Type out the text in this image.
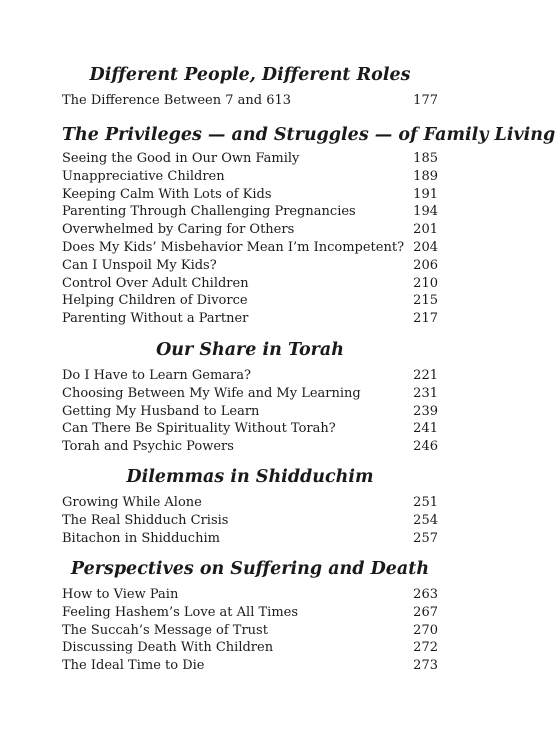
Different People, Different Roles
The Difference Between 7 and 613	177
The Privileges — and Struggles — of Family Living
Seeing the Good in Our Own Family	185
Unappreciative Children	189
Keeping Calm With Lots of Kids	191
Parenting Through Challenging Pregnancies	194
Overwhelmed by Caring for Others	201
Does My Kids’ Misbehavior Mean I’m Incompetent? 204
Can I Unspoil My Kids?	206
Control Over Adult Children	210
Helping Children of Divorce	215
Parenting Without a Partner	217
Our Share in Torah
Do I Have to Learn Gemara?	221
Choosing Between My Wife and My Learning	231
Getting My Husband to Learn	239
Can There Be Spirituality Without Torah?	241
Torah and Psychic Powers	246
Dilemmas in Shidduchim
Growing While Alone	251
The Real Shidduch Crisis	254
Bitachon in Shidduchim	257
Perspectives on Suffering and Death
How to View Pain	263
Feeling Hashem’s Love at All Times	267
The Succah’s Message of Trust	270
Discussing Death With Children	272
The Ideal Time to Die	273
